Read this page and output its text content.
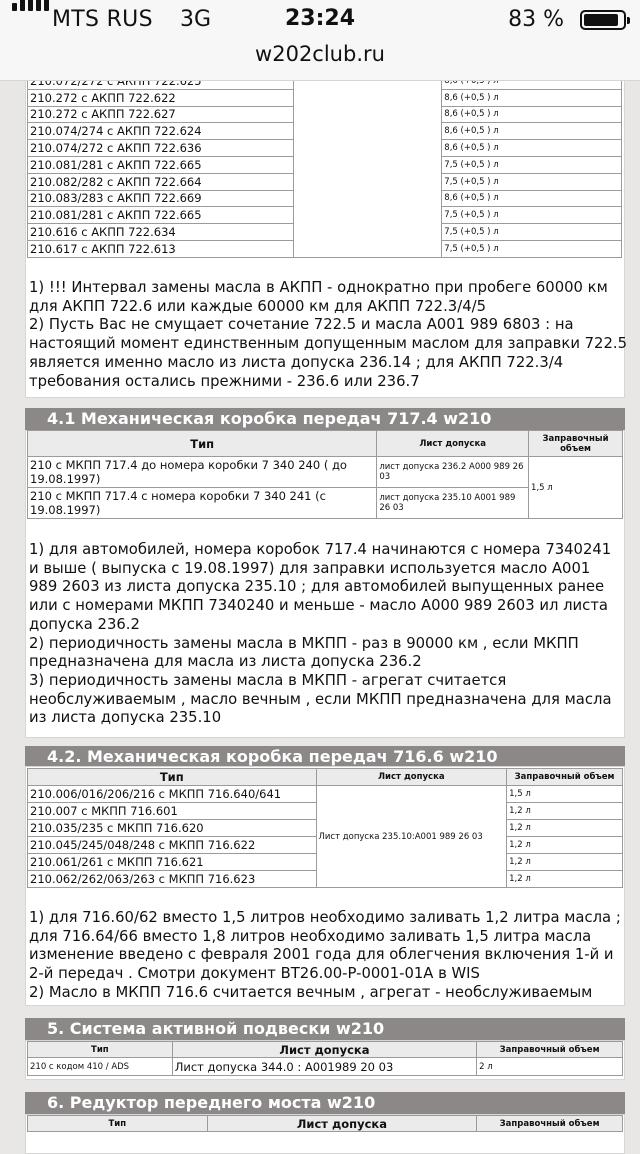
210.272 с АКПП 722.622		8,6 (+0,5 ) л
210.272 с АКПП 722.627		8,6 (+0,5 ) л
210.074/274 с АКПП 722.624		8,6 (+0,5 ) л
210.074/272 с АКПП 722.636		8,6 (+0,5 ) л
210.081/281 с АКПП 722.665		7,5 (+0,5 ) л
210.082/282 с АКПП 722.664		7,5 (+0,5 ) л
210.083/283 с АКПП 722.669		8,6 (+0,5 ) л
210.081/281 с АКПП 722.665		7,5 (+0,5 ) л
210.616 с АКПП 722.634		7,5 (+0,5 ) л
210.617 с АКПП 722.613		7,5 (+0,5 ) л
1) !!! Интервал замены масла в АКПП - однократно при пробеге 60000 км
для АКПП 722.6 или каждые 60000 км для АКПП 722.3/4/5
2) Пусть Вас не смущает сочетание 722.5 и масла A001 989 6803 : на
настоящий момент единственным допущенным маслом для заправки 722.5
является именно масло из листа допуска 236.14 ; для АКПП 722.3/4
требования остались прежними - 236.6 или 236.7
4.1 Механическая коробка передач 717.4 w210
Тип	Лист допуска	Заправочный объем
210 с МКПП 717.4 до номера коробки 7 340 240 ( до 19.08.1997)	лист допуска 236.2 A000 989 26 03	1,5 л
210 с МКПП 717.4 с номера коробки 7 340 241 (с 19.08.1997)	лист допуска 235.10 A001 989 26 03	
1) для автомобилей, номера коробок 717.4 начинаются с номера 7340241
и выше ( выпуска с 19.08.1997) для заправки используется масло А001
989 2603 из листа допуска 235.10 ; для автомобилей выпущенных ранее
или с номерами МКПП 7340240 и меньше - масло А000 989 2603 ил листа
допуска 236.2
2) периодичность замены масла в МКПП - раз в 90000 км , если МКПП
предназначена для масла из листа допуска 236.2
3) периодичность замены масла в МКПП - агрегат считается
необслуживаемым , масло вечным , если МКПП предназначена для масла
из листа допуска 235.10
4.2. Механическая коробка передач 716.6 w210
Тип	Лист допуска	Заправочный объем
210.006/016/206/216 с МКПП 716.640/641	Лист допуска 235.10:A001 989 26 03	1,5 л
210.007 с МКПП 716.601		1,2 л
210.035/235 с МКПП 716.620		1,2 л
210.045/245/048/248 с МКПП 716.622		1,2 л
210.061/261 с МКПП 716.621		1,2 л
210.062/262/063/263 с МКПП 716.623		1,2 л
1) для 716.60/62 вместо 1,5 литров необходимо заливать 1,2 литра масла ;
для 716.64/66 вместо 1,8 литров необходимо заливать 1,5 литра масла
изменение введено с февраля 2001 года для облегчения включения 1-й и
2-й передач . Смотри документ BT26.00-P-0001-01A в WIS
2) Масло в МКПП 716.6 считается вечным , агрегат - необслуживаемым
5. Система активной подвески w210
Тип	Лист допуска	Заправочный объем
210 с кодом 410 / ADS	Лист допуска 344.0 : A001989 20 03	2 л
6. Редуктор переднего моста w210
Тип	Лист допуска	Заправочный объем
MTS RUS 3G	23:24	83 %
w202club.ru
